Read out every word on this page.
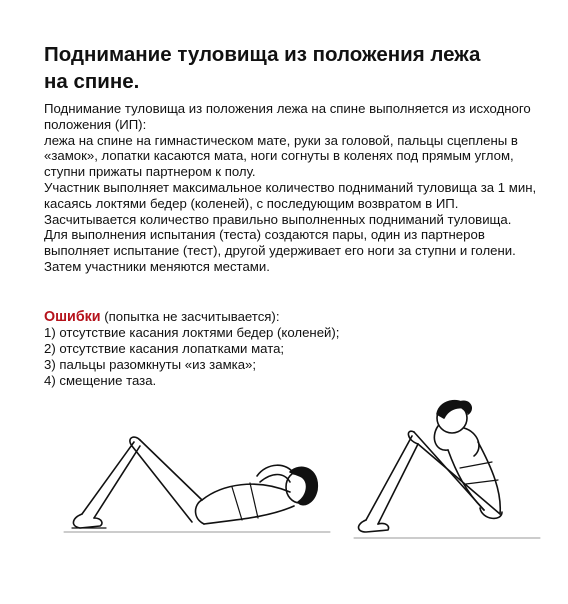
Поднимание туловища из положения лежа
на спине.
Поднимание туловища из положения лежа на спине выполняется из исходного
положения (ИП):
лежа на спине на гимнастическом мате, руки за головой, пальцы сцеплены в
«замок», лопатки касаются мата, ноги согнуты в коленях под прямым углом,
ступни прижаты партнером к полу.
Участник выполняет максимальное количество подниманий туловища за 1 мин,
касаясь локтями бедер (коленей), с последующим возвратом в ИП.
Засчитывается количество правильно выполненных подниманий туловища.
Для выполнения испытания (теста) создаются пары, один из партнеров
выполняет испытание (тест), другой удерживает его ноги за ступни и голени.
Затем участники меняются местами.
Ошибки (попытка не засчитывается):
1) отсутствие касания локтями бедер (коленей);
2) отсутствие касания лопатками мата;
3) пальцы разомкнуты «из замка»;
4) смещение таза.
